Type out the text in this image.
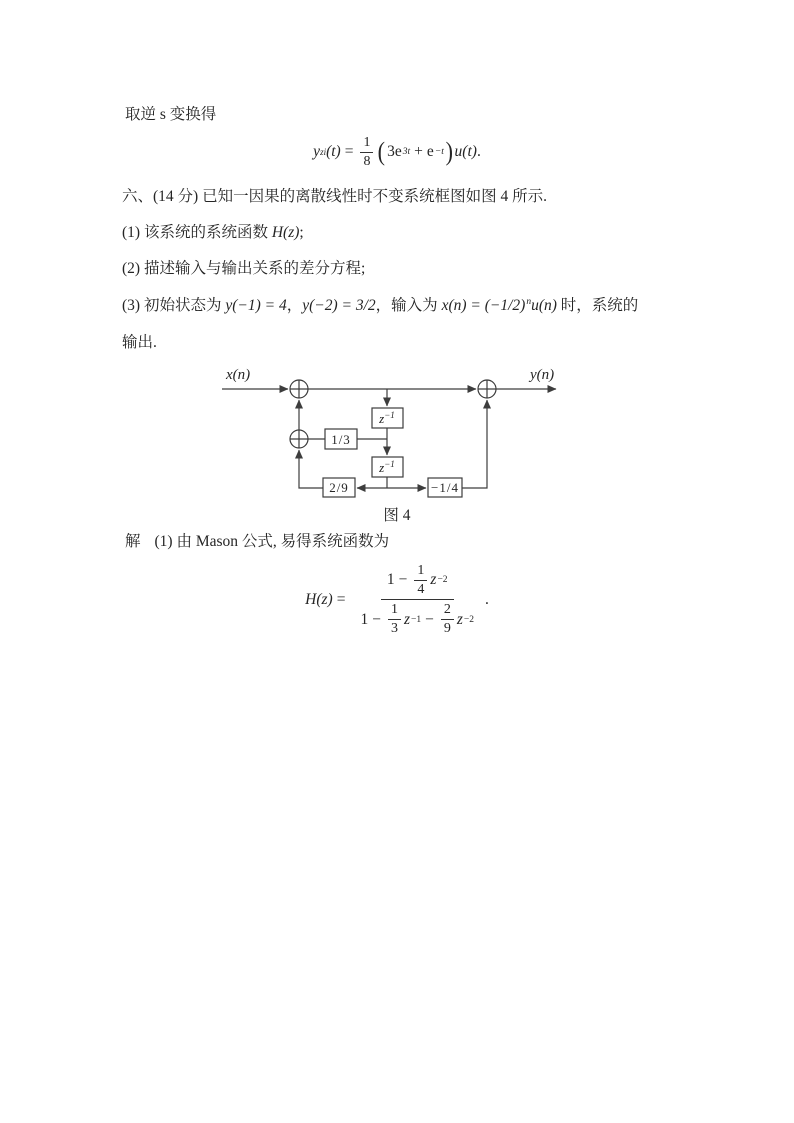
取逆 s 变换得
y zi $(t) = \frac{1}{8}$ ( 3e 3t + e −t ) u (t) .
六、(14 分) 已知一因果的离散线性时不变系统框图如图 4 所示.
(1) 该系统的系统函数 H(z);
(2) 描述输入与输出关系的差分方程;
(3) 初始状态为 y(−1) = 4，y(−2) = 3/2，输入为 $x(n) = (-1/2)^nu(n)$ 时，系统的
输出.
x(n)	y(n)
$z^{-1}$
$z^{-1}$
1/3
2/9	−1/4
图 4
解 (1) 由 Mason 公式, 易得系统函数为
H (z) =
$1 - \frac{1}{4}$ z −2
$1 - \frac{1}{3}$ $z -1 - \frac{2}{9}$ z −2
.
